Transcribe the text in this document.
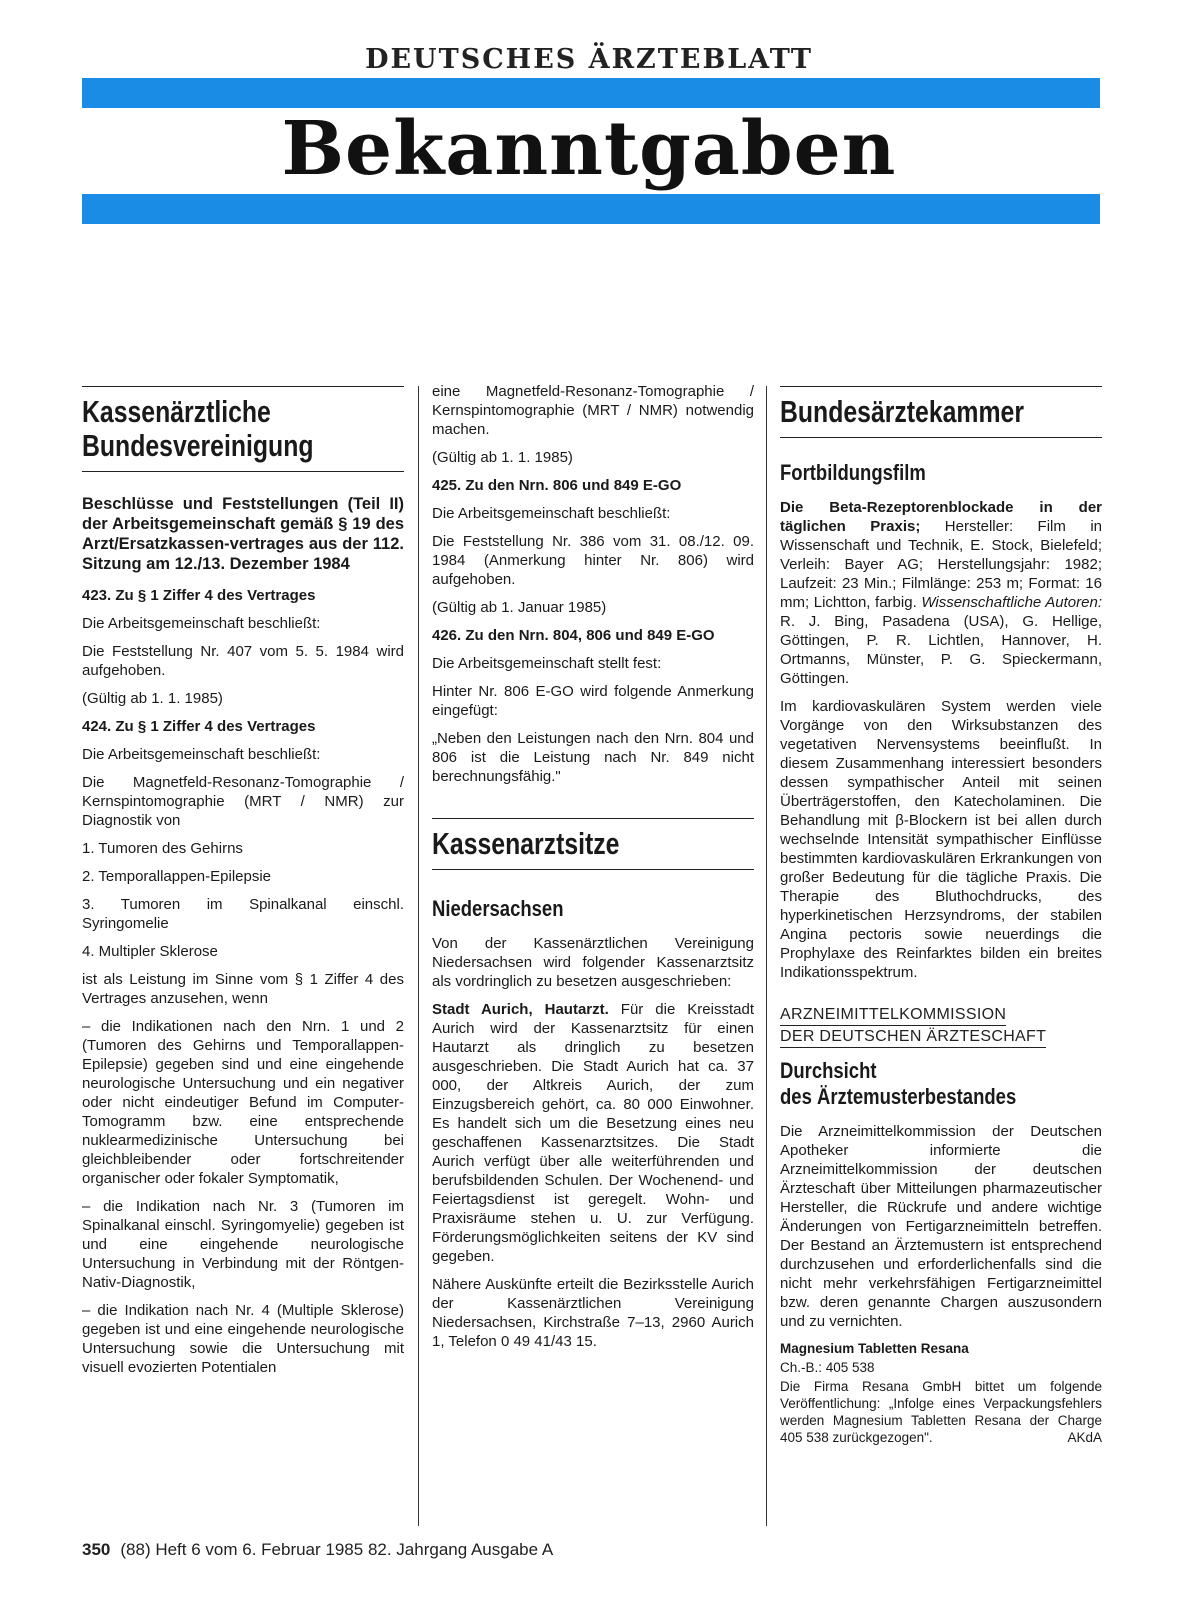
DEUTSCHES ÄRZTEBLATT
Bekanntgaben
Kassenärztliche
Bundesvereinigung

Beschlüsse und Feststellungen (Teil II) der Arbeitsgemeinschaft gemäß § 19 des Arzt/Ersatzkassen-vertrages aus der 112. Sitzung am 12./13. Dezember 1984

423. Zu § 1 Ziffer 4 des Vertrages

Die Arbeitsgemeinschaft beschließt:

Die Feststellung Nr. 407 vom 5. 5. 1984 wird aufgehoben.

(Gültig ab 1. 1. 1985)

424. Zu § 1 Ziffer 4 des Vertrages

Die Arbeitsgemeinschaft beschließt:

Die Magnetfeld-Resonanz-Tomographie / Kernspintomographie (MRT / NMR) zur Diagnostik von

1. Tumoren des Gehirns

2. Temporallappen-Epilepsie

3. Tumoren im Spinalkanal einschl. Syringomelie

4. Multipler Sklerose

ist als Leistung im Sinne vom § 1 Ziffer 4 des Vertrages anzusehen, wenn

– die Indikationen nach den Nrn. 1 und 2 (Tumoren des Gehirns und Temporallappen-Epilepsie) gegeben sind und eine eingehende neurologische Untersuchung und ein negativer oder nicht eindeutiger Befund im Computer-Tomogramm bzw. eine entsprechende nuklearmedizinische Untersuchung bei gleichbleibender oder fortschreitender organischer oder fokaler Symptomatik,

– die Indikation nach Nr. 3 (Tumoren im Spinalkanal einschl. Syringomyelie) gegeben ist und eine eingehende neurologische Untersuchung in Verbindung mit der Röntgen-Nativ-Diagnostik,

– die Indikation nach Nr. 4 (Multiple Sklerose) gegeben ist und eine eingehende neurologische Untersuchung sowie die Untersuchung mit visuell evozierten Potentialen

eine Magnetfeld-Resonanz-Tomographie / Kernspintomographie (MRT / NMR) notwendig machen.

(Gültig ab 1. 1. 1985)

425. Zu den Nrn. 806 und 849 E-GO

Die Arbeitsgemeinschaft beschließt:

Die Feststellung Nr. 386 vom 31. 08./12. 09. 1984 (Anmerkung hinter Nr. 806) wird aufgehoben.

(Gültig ab 1. Januar 1985)

426. Zu den Nrn. 804, 806 und 849 E-GO

Die Arbeitsgemeinschaft stellt fest:

Hinter Nr. 806 E-GO wird folgende Anmerkung eingefügt:

„Neben den Leistungen nach den Nrn. 804 und 806 ist die Leistung nach Nr. 849 nicht berechnungsfähig."

Kassenarztsitze
Niedersachsen

Von der Kassenärztlichen Vereinigung Niedersachsen wird folgender Kassenarztsitz als vordringlich zu besetzen ausgeschrieben:

Stadt Aurich, Hautarzt. Für die Kreisstadt Aurich wird der Kassenarztsitz für einen Hautarzt als dringlich zu besetzen ausgeschrieben. Die Stadt Aurich hat ca. 37 000, der Altkreis Aurich, der zum Einzugsbereich gehört, ca. 80 000 Einwohner. Es handelt sich um die Besetzung eines neu geschaffenen Kassenarztsitzes. Die Stadt Aurich verfügt über alle weiterführenden und berufsbildenden Schulen. Der Wochenend- und Feiertagsdienst ist geregelt. Wohn- und Praxisräume stehen u. U. zur Verfügung. Förderungsmöglichkeiten seitens der KV sind gegeben.

Nähere Auskünfte erteilt die Bezirksstelle Aurich der Kassenärztlichen Vereinigung Niedersachsen, Kirchstraße 7–13, 2960 Aurich 1, Telefon 0 49 41/43 15.

Bundesärztekammer
Fortbildungsfilm

Die Beta-Rezeptorenblockade in der täglichen Praxis; Hersteller: Film in Wissenschaft und Technik, E. Stock, Bielefeld; Verleih: Bayer AG; Herstellungsjahr: 1982; Laufzeit: 23 Min.; Filmlänge: 253 m; Format: 16 mm; Lichtton, farbig. Wissenschaftliche Autoren: R. J. Bing, Pasadena (USA), G. Hellige, Göttingen, P. R. Lichtlen, Hannover, H. Ortmanns, Münster, P. G. Spieckermann, Göttingen.

Im kardiovaskulären System werden viele Vorgänge von den Wirksubstanzen des vegetativen Nervensystems beeinflußt. In diesem Zusammenhang interessiert besonders dessen sympathischer Anteil mit seinen Überträgerstoffen, den Katecholaminen. Die Behandlung mit β-Blockern ist bei allen durch wechselnde Intensität sympathischer Einflüsse bestimmten kardiovaskulären Erkrankungen von großer Bedeutung für die tägliche Praxis. Die Therapie des Bluthochdrucks, des hyperkinetischen Herzsyndroms, der stabilen Angina pectoris sowie neuerdings die Prophylaxe des Reinfarktes bilden ein breites Indikationsspektrum.

ARZNEIMITTELKOMMISSION
DER DEUTSCHEN ÄRZTESCHAFT
Durchsicht
des Ärztemusterbestandes

Die Arzneimittelkommission der Deutschen Apotheker informierte die Arzneimittelkommission der deutschen Ärzteschaft über Mitteilungen pharmazeutischer Hersteller, die Rückrufe und andere wichtige Änderungen von Fertigarzneimitteln betreffen. Der Bestand an Ärztemustern ist entsprechend durchzusehen und erforderlichenfalls sind die nicht mehr verkehrsfähigen Fertigarzneimittel bzw. deren genannte Chargen auszusondern und zu vernichten.

Magnesium Tabletten Resana

Ch.-B.: 405 538

Die Firma Resana GmbH bittet um folgende Veröffentlichung: „Infolge eines Verpackungsfehlers werden Magnesium Tabletten Resana der Charge 405 538 zurückgezogen".	AKdA

350 (88) Heft 6 vom 6. Februar 1985 82. Jahrgang Ausgabe A
